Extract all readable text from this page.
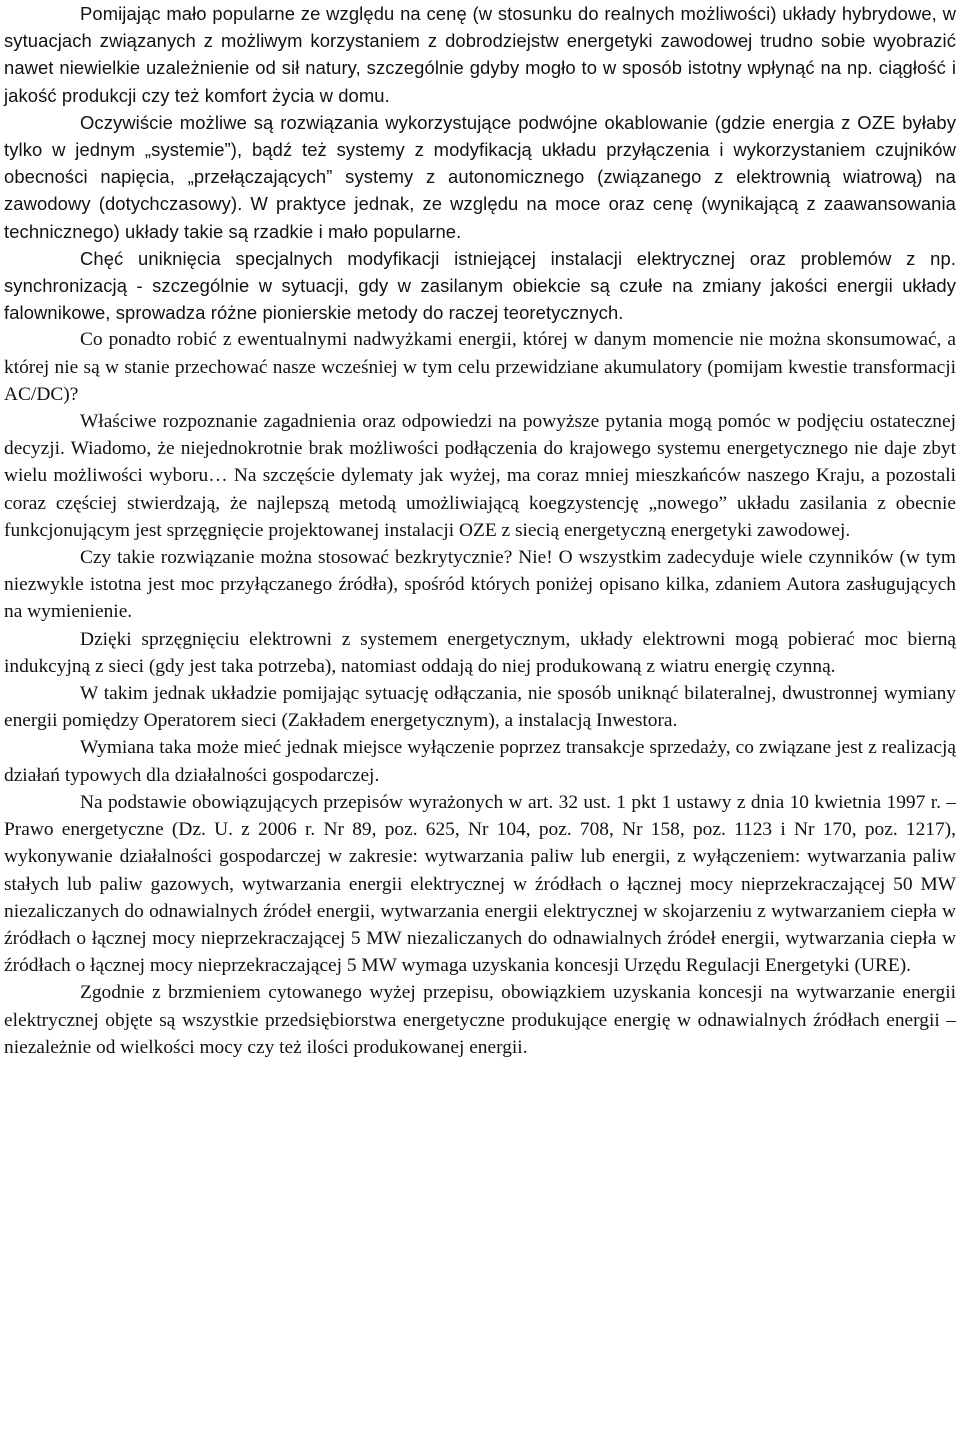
Pomijając mało popularne ze względu na cenę (w stosunku do realnych możliwości) układy hybrydowe, w sytuacjach związanych z możliwym korzystaniem z dobrodziejstw energetyki zawodowej trudno sobie wyobrazić nawet niewielkie uzależnienie od sił natury, szczególnie gdyby mogło to w sposób istotny wpłynąć na np. ciągłość i jakość produkcji czy też komfort życia w domu.

Oczywiście możliwe są rozwiązania wykorzystujące podwójne okablowanie (gdzie energia z OZE byłaby tylko w jednym „systemie”), bądź też systemy z modyfikacją układu przyłączenia i wykorzystaniem czujników obecności napięcia, „przełączających” systemy z autonomicznego (związanego z elektrownią wiatrową) na zawodowy (dotychczasowy). W praktyce jednak, ze względu na moce oraz cenę (wynikającą z zaawansowania technicznego) układy takie są rzadkie i mało popularne.

Chęć uniknięcia specjalnych modyfikacji istniejącej instalacji elektrycznej oraz problemów z np. synchronizacją - szczególnie w sytuacji, gdy w zasilanym obiekcie są czułe na zmiany jakości energii układy falownikowe, sprowadza różne pionierskie metody do raczej teoretycznych.

Co ponadto robić z ewentualnymi nadwyżkami energii, której w danym momencie nie można skonsumować, a której nie są w stanie przechować nasze wcześniej w tym celu przewidziane akumulatory (pomijam kwestie transformacji AC/DC)?

Właściwe rozpoznanie zagadnienia oraz odpowiedzi na powyższe pytania mogą pomóc w podjęciu ostatecznej decyzji. Wiadomo, że niejednokrotnie brak możliwości podłączenia do krajowego systemu energetycznego nie daje zbyt wielu możliwości wyboru… Na szczęście dylematy jak wyżej, ma coraz mniej mieszkańców naszego Kraju, a pozostali coraz częściej stwierdzają, że najlepszą metodą umożliwiającą koegzystencję „nowego” układu zasilania z obecnie funkcjonującym jest sprzęgnięcie projektowanej instalacji OZE z siecią energetyczną energetyki zawodowej.

Czy takie rozwiązanie można stosować bezkrytycznie? Nie! O wszystkim zadecyduje wiele czynników (w tym niezwykle istotna jest moc przyłączanego źródła), spośród których poniżej opisano kilka, zdaniem Autora zasługujących na wymienienie.

Dzięki sprzęgnięciu elektrowni z systemem energetycznym, układy elektrowni mogą pobierać moc bierną indukcyjną z sieci (gdy jest taka potrzeba), natomiast oddają do niej produkowaną z wiatru energię czynną.

W takim jednak układzie pomijając sytuację odłączania, nie sposób uniknąć bilateralnej, dwustronnej wymiany energii pomiędzy Operatorem sieci (Zakładem energetycznym), a instalacją Inwestora.

Wymiana taka może mieć jednak miejsce wyłączenie poprzez transakcje sprzedaży, co związane jest z realizacją działań typowych dla działalności gospodarczej.

Na podstawie obowiązujących przepisów wyrażonych w art. 32 ust. 1 pkt 1 ustawy z dnia 10 kwietnia 1997 r. – Prawo energetyczne (Dz. U. z 2006 r. Nr 89, poz. 625, Nr 104, poz. 708, Nr 158, poz. 1123 i Nr 170, poz. 1217), wykonywanie działalności gospodarczej w zakresie: wytwarzania paliw lub energii, z wyłączeniem: wytwarzania paliw stałych lub paliw gazowych, wytwarzania energii elektrycznej w źródłach o łącznej mocy nieprzekraczającej 50 MW niezaliczanych do odnawialnych źródeł energii, wytwarzania energii elektrycznej w skojarzeniu z wytwarzaniem ciepła w źródłach o łącznej mocy nieprzekraczającej 5 MW niezaliczanych do odnawialnych źródeł energii, wytwarzania ciepła w źródłach o łącznej mocy nieprzekraczającej 5 MW wymaga uzyskania koncesji Urzędu Regulacji Energetyki (URE).

Zgodnie z brzmieniem cytowanego wyżej przepisu, obowiązkiem uzyskania koncesji na wytwarzanie energii elektrycznej objęte są wszystkie przedsiębiorstwa energetyczne produkujące energię w odnawialnych źródłach energii – niezależnie od wielkości mocy czy też ilości produkowanej energii.
